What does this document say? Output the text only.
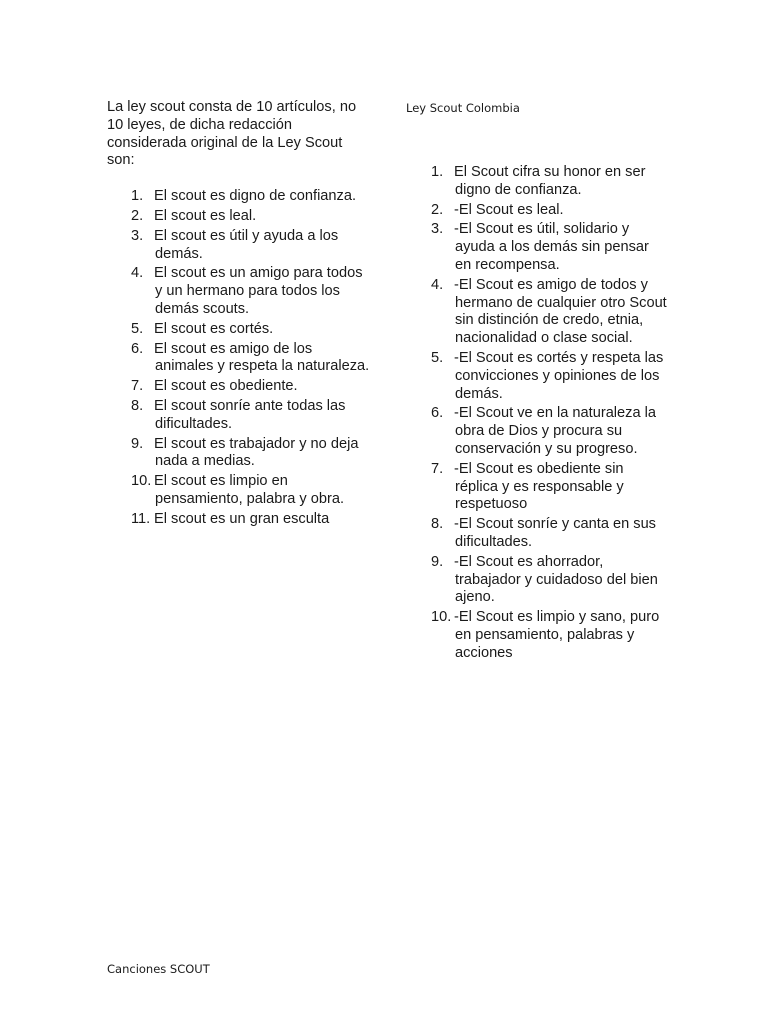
La ley scout consta de 10 artículos, no 10 leyes, de dicha redacción considerada original de la Ley Scout son:

1. El scout es digno de confianza.
2. El scout es leal.
3. El scout es útil y ayuda a los demás.
4. El scout es un amigo para todos y un hermano para todos los demás scouts.
5. El scout es cortés.
6. El scout es amigo de los animales y respeta la naturaleza.
7. El scout es obediente.
8. El scout sonríe ante todas las dificultades.
9. El scout es trabajador y no deja nada a medias.
10. El scout es limpio en pensamiento, palabra y obra.
11. El scout es un gran esculta

Ley Scout Colombia

1. El Scout cifra su honor en ser digno de confianza.
2. -El Scout es leal.
3. -El Scout es útil, solidario y ayuda a los demás sin pensar en recompensa.
4. -El Scout es amigo de todos y hermano de cualquier otro Scout sin distinción de credo, etnia, nacionalidad o clase social.
5. -El Scout es cortés y respeta las convicciones y opiniones de los demás.
6. -El Scout ve en la naturaleza la obra de Dios y procura su conservación y su progreso.
7. -El Scout es obediente sin réplica y es responsable y respetuoso
8. -El Scout sonríe y canta en sus dificultades.
9. -El Scout es ahorrador, trabajador y cuidadoso del bien ajeno.
10. -El Scout es limpio y sano, puro en pensamiento, palabras y acciones
Canciones SCOUT
